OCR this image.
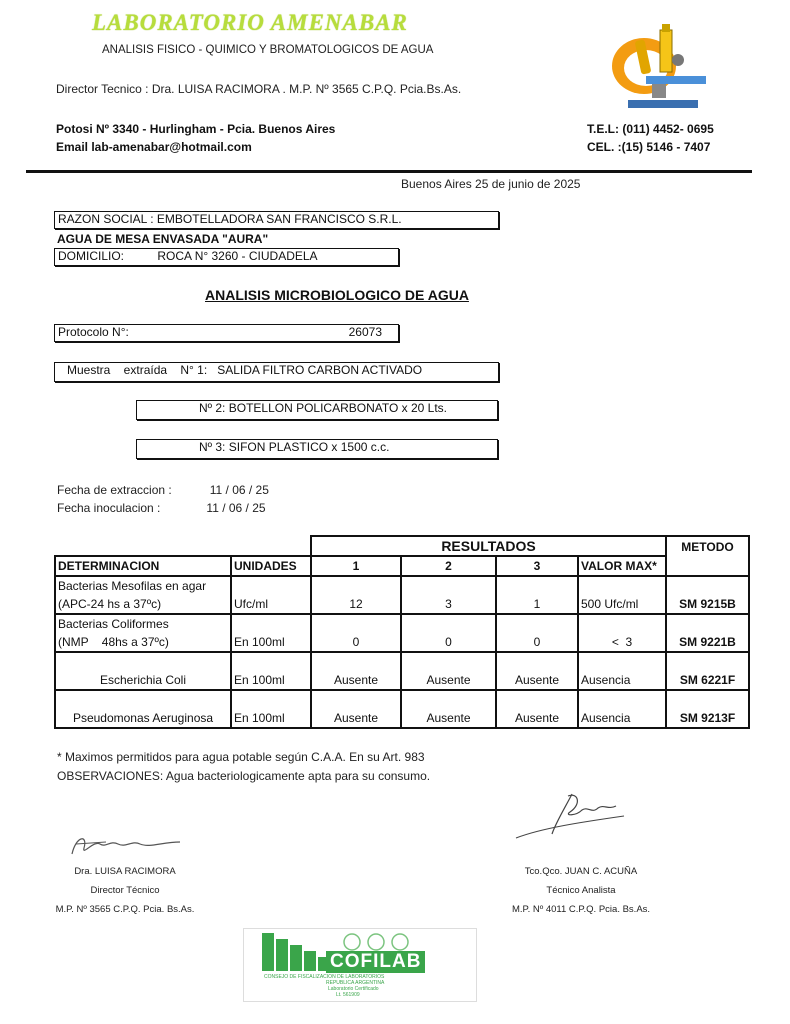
LABORATORIO AMENABAR
ANALISIS FISICO - QUIMICO Y BROMATOLOGICOS DE AGUA
Director Tecnico : Dra. LUISA RACIMORA . M.P. Nº 3565 C.P.Q. Pcia.Bs.As.
Potosi Nº 3340 - Hurlingham - Pcia. Buenos Aires
Email lab-amenabar@hotmail.com
T.E.L: (011) 4452- 0695
CEL. :(15) 5146 - 7407
Buenos Aires 25 de junio de 2025
RAZON SOCIAL : EMBOTELLADORA SAN FRANCISCO S.R.L.
AGUA DE MESA ENVASADA "AURA"
DOMICILIO:	ROCA N° 3260 - CIUDADELA
ANALISIS MICROBIOLOGICO DE AGUA
Protocolo N°:	26073
Muestra    extraída    N° 1:   SALIDA FILTRO CARBON ACTIVADO
Nº 2: BOTELLON POLICARBONATO x 20 Lts.
Nº 3: SIFON PLASTICO x 1500 c.c.
Fecha de extraccion :	11 / 06 / 25
Fecha inoculacion :	11 / 06 / 25
		RESULTADOS				METODO
DETERMINACION	UNIDADES	1	2	3	VALOR MAX*	

Bacterias Mesofilas en agar
(APC-24 hs a 37ºc)	Ufc/ml	12	3	1	500 Ufc/ml	SM 9215B

Bacterias Coliformes
(NMP    48hs a 37ºc)	En 100ml	0	0	0	<  3	SM 9221B
Escherichia Coli	En 100ml	Ausente	Ausente	Ausente	Ausencia	SM 6221F
Pseudomonas Aeruginosa	En 100ml	Ausente	Ausente	Ausente	Ausencia	SM 9213F
* Maximos permitidos para agua potable según C.A.A. En su Art. 983
OBSERVACIONES: Agua bacteriologicamente apta para su consumo.
Dra. LUISA RACIMORA
Director Técnico
M.P. Nº 3565 C.P.Q. Pcia. Bs.As.
Tco.Qco. JUAN C. ACUÑA
Técnico Analista
M.P. Nº 4011 C.P.Q. Pcia. Bs.As.
COFILAB
CONSEJO DE FISCALIZACION DE LABORATORIOS
REPUBLICA ARGENTINA
Laboratorio Certificado
Lt. 561909
